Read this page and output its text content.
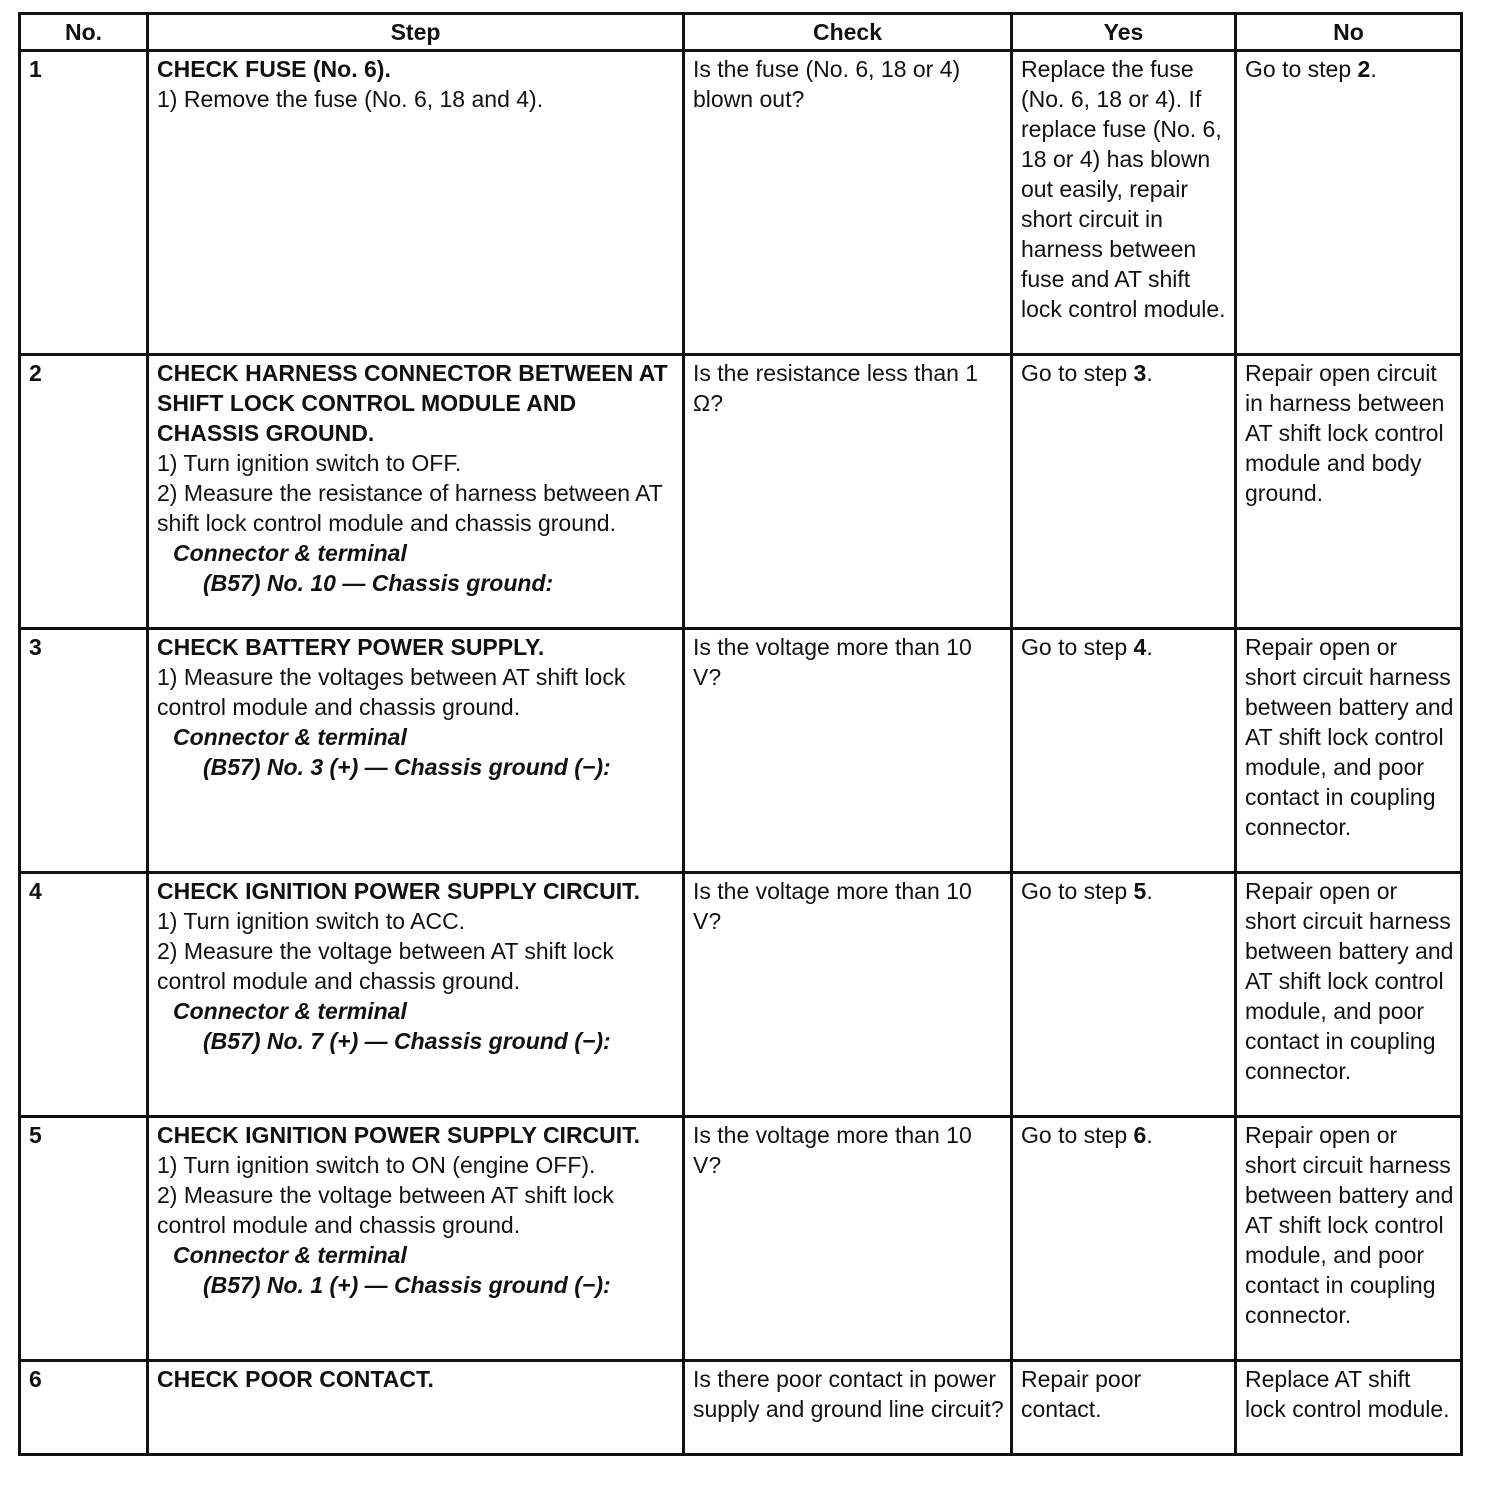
No.	Step	Check	Yes	No
1	CHECK FUSE (No. 6).
1) Remove the fuse (No. 6, 18 and 4).	Is the fuse (No. 6, 18 or 4) blown out?	Replace the fuse (No. 6, 18 or 4). If replace fuse (No. 6, 18 or 4) has blown out easily, repair short circuit in harness between fuse and AT shift lock control module.	Go to step 2.
2	CHECK HARNESS CONNECTOR BETWEEN AT SHIFT LOCK CONTROL MODULE AND CHASSIS GROUND.
1) Turn ignition switch to OFF.
2) Measure the resistance of harness between AT shift lock control module and chassis ground.
Connector & terminal
(B57) No. 10 — Chassis ground:	Is the resistance less than 1 Ω?	Go to step 3.	Repair open circuit in harness between AT shift lock control module and body ground.
3	CHECK BATTERY POWER SUPPLY.
1) Measure the voltages between AT shift lock control module and chassis ground.
Connector & terminal
(B57) No. 3 (+) — Chassis ground (−):	Is the voltage more than 10 V?	Go to step 4.	Repair open or short circuit harness between battery and AT shift lock control module, and poor contact in coupling connector.
4	CHECK IGNITION POWER SUPPLY CIRCUIT.
1) Turn ignition switch to ACC.
2) Measure the voltage between AT shift lock control module and chassis ground.
Connector & terminal
(B57) No. 7 (+) — Chassis ground (−):	Is the voltage more than 10 V?	Go to step 5.	Repair open or short circuit harness between battery and AT shift lock control module, and poor contact in coupling connector.
5	CHECK IGNITION POWER SUPPLY CIRCUIT.
1) Turn ignition switch to ON (engine OFF).
2) Measure the voltage between AT shift lock control module and chassis ground.
Connector & terminal
(B57) No. 1 (+) — Chassis ground (−):	Is the voltage more than 10 V?	Go to step 6.	Repair open or short circuit harness between battery and AT shift lock control module, and poor contact in coupling connector.
6	CHECK POOR CONTACT.	Is there poor contact in power supply and ground line circuit?	Repair poor contact.	Replace AT shift lock control module.
